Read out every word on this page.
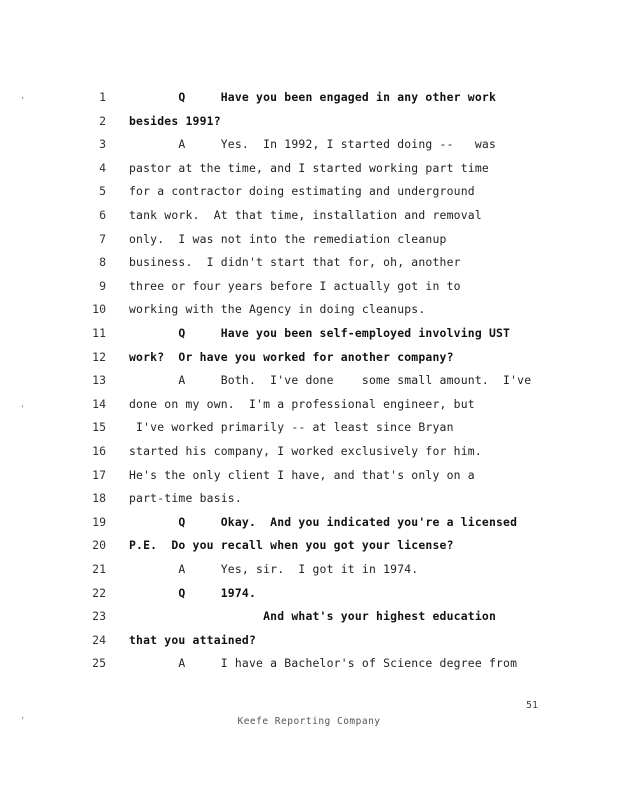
’
‘
’
51
Keefe Reporting Company
1 Q     Have you been engaged in any other work
2 besides 1991?
3 A     Yes.  In 1992, I started doing --   was
4 pastor at the time, and I started working part time
5 for a contractor doing estimating and underground
6 tank work.  At that time, installation and removal
7 only.  I was not into the remediation cleanup
8 business.  I didn't start that for, oh, another
9 three or four years before I actually got in to
10 working with the Agency in doing cleanups.
11 Q     Have you been self-employed involving UST
12 work?  Or have you worked for another company?
13 A     Both.  I've done    some small amount.  I've
14 done on my own.  I'm a professional engineer, but
15 I've worked primarily -- at least since Bryan
16 started his company, I worked exclusively for him.
17 He's the only client I have, and that's only on a
18 part-time basis.
19 Q     Okay.  And you indicated you're a licensed
20 P.E.  Do you recall when you got your license?
21 A     Yes, sir.  I got it in 1974.
22 Q     1974.
23 And what's your highest education
24 that you attained?
25 A     I have a Bachelor's of Science degree from
